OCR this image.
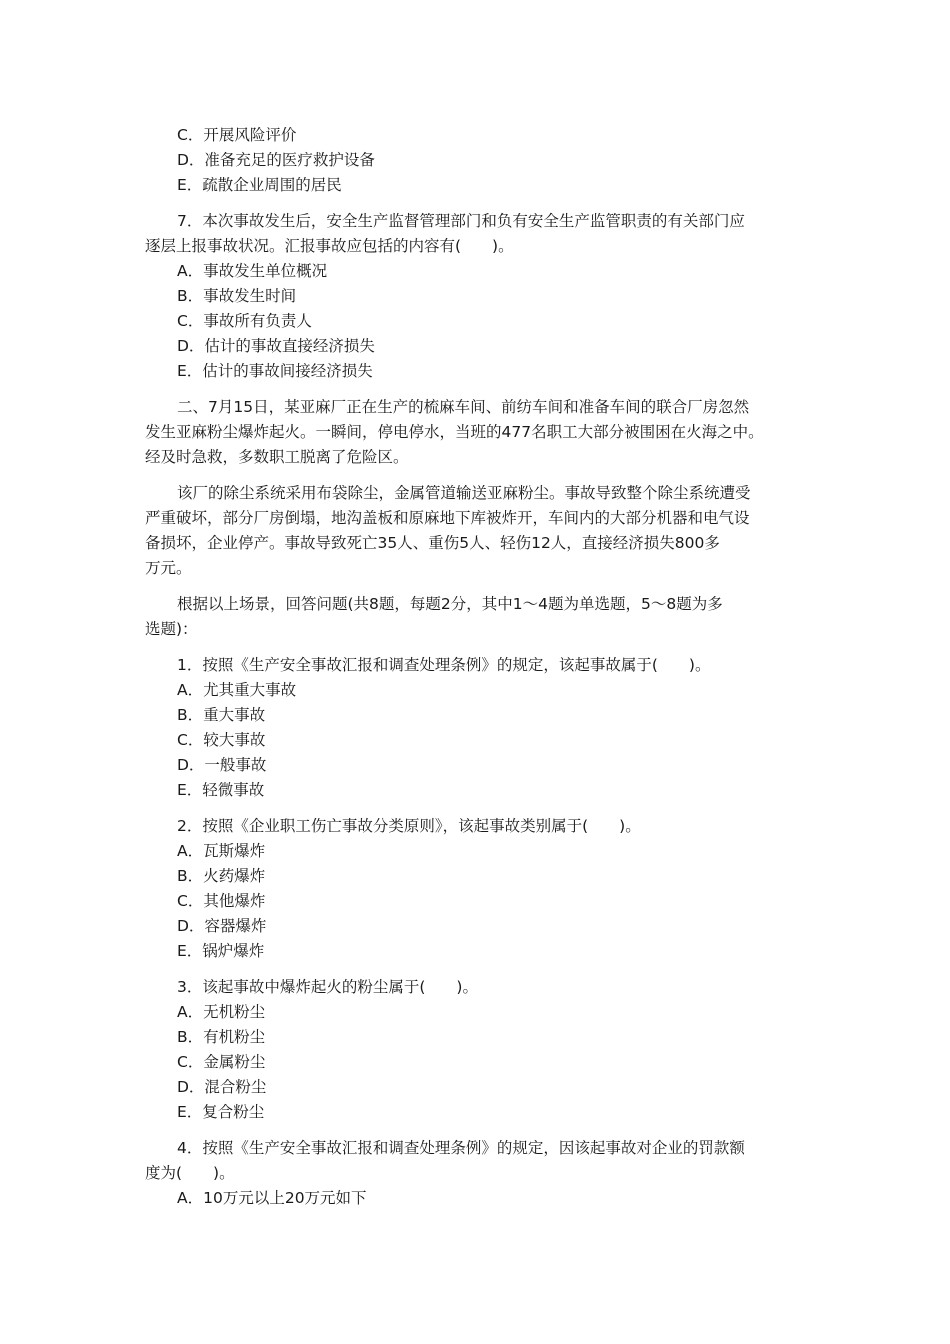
C．开展风险评价
D．准备充足的医疗救护设备
E．疏散企业周围的居民
7．本次事故发生后，安全生产监督管理部门和负有安全生产监管职责的有关部门应
逐层上报事故状况。汇报事故应包括的内容有(　　)。
A．事故发生单位概况
B．事故发生时间
C．事故所有负责人
D．估计的事故直接经济损失
E．估计的事故间接经济损失
二、7月15日，某亚麻厂正在生产的梳麻车间、前纺车间和准备车间的联合厂房忽然
发生亚麻粉尘爆炸起火。一瞬间，停电停水，当班的477名职工大部分被围困在火海之中。
经及时急救，多数职工脱离了危险区。
该厂的除尘系统采用布袋除尘，金属管道输送亚麻粉尘。事故导致整个除尘系统遭受
严重破坏，部分厂房倒塌，地沟盖板和原麻地下库被炸开，车间内的大部分机器和电气设
备损坏，企业停产。事故导致死亡35人、重伤5人、轻伤12人，直接经济损失800多
万元。
根据以上场景，回答问题(共8题，每题2分，其中1～4题为单选题，5～8题为多
选题)：
1．按照《生产安全事故汇报和调查处理条例》的规定，该起事故属于(　　)。
A．尤其重大事故
B．重大事故
C．较大事故
D．一般事故
E．轻微事故
2．按照《企业职工伤亡事故分类原则》，该起事故类别属于(　　)。
A．瓦斯爆炸
B．火药爆炸
C．其他爆炸
D．容器爆炸
E．锅炉爆炸
3．该起事故中爆炸起火的粉尘属于(　　)。
A．无机粉尘
B．有机粉尘
C．金属粉尘
D．混合粉尘
E．复合粉尘
4．按照《生产安全事故汇报和调查处理条例》的规定，因该起事故对企业的罚款额
度为(　　)。
A．10万元以上20万元如下
